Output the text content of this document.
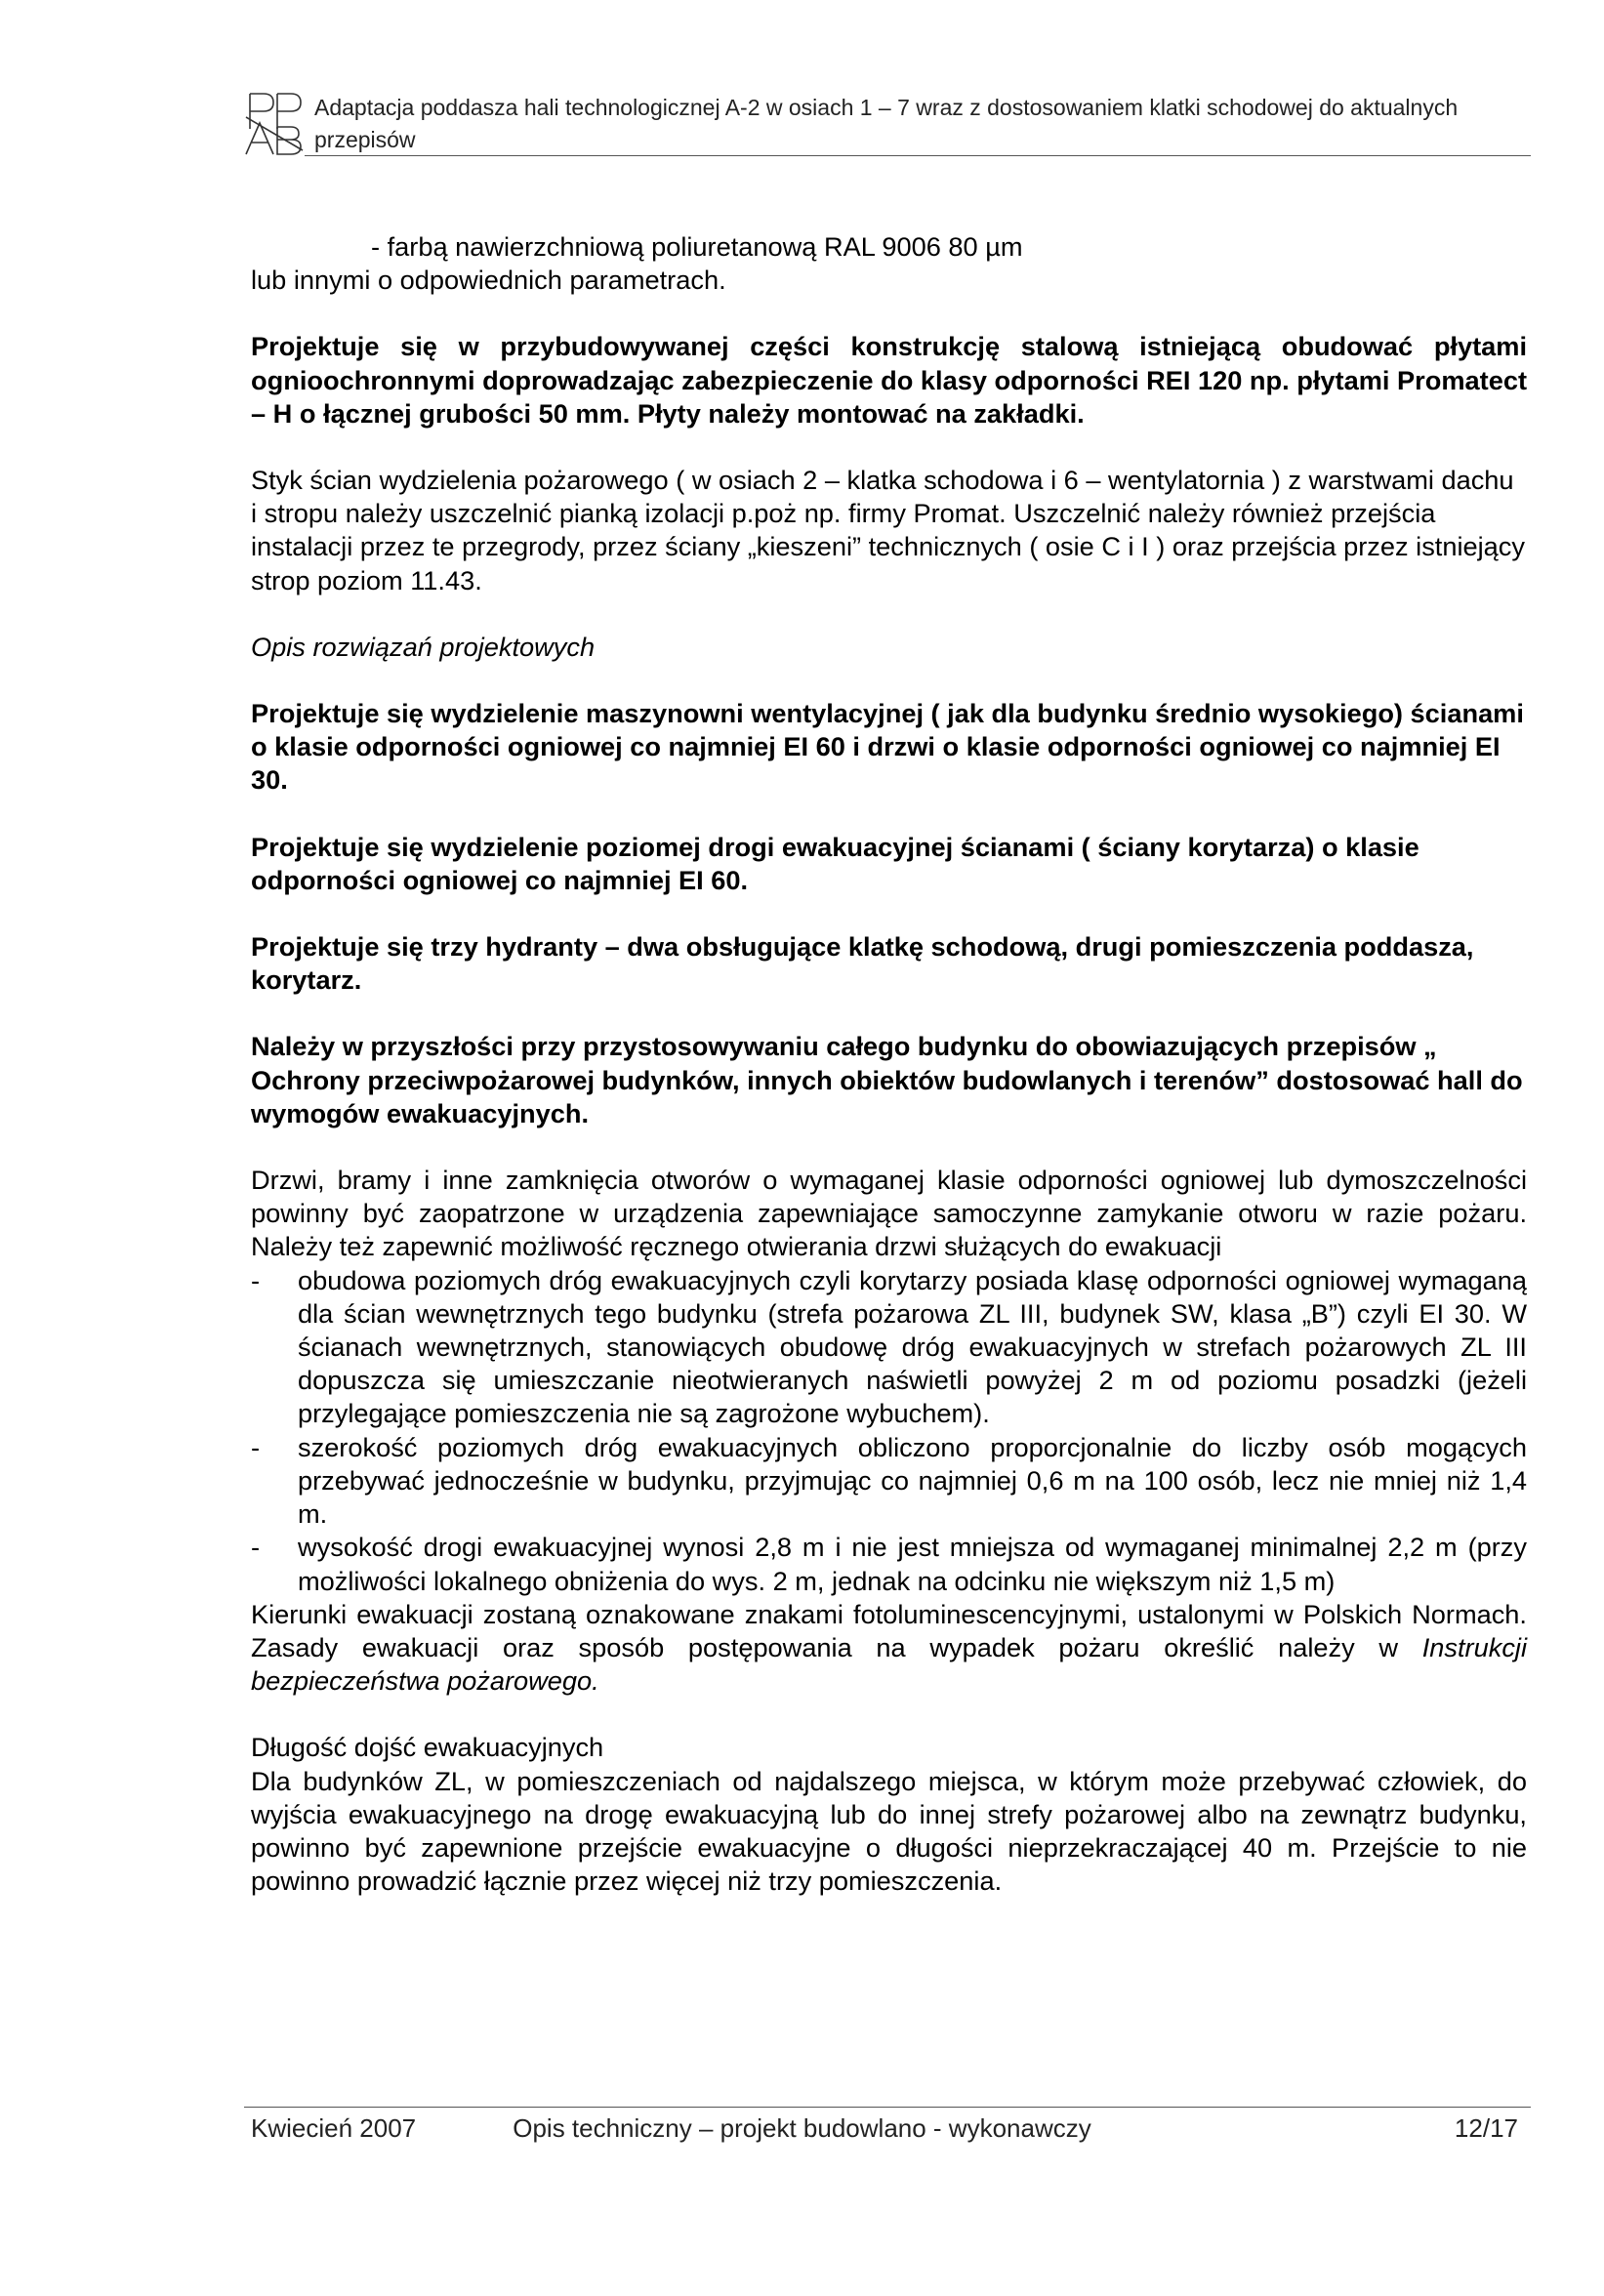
Adaptacja poddasza hali technologicznej A-2 w osiach 1 – 7 wraz z dostosowaniem klatki schodowej do aktualnych przepisów

- farbą nawierzchniową poliuretanową RAL 9006 80 µm

lub innymi o odpowiednich parametrach.

Projektuje się w przybudowywanej części konstrukcję stalową istniejącą obudować płytami ognioochronnymi doprowadzając zabezpieczenie do klasy odporności REI 120 np. płytami Promatect – H o łącznej grubości 50 mm. Płyty należy montować na zakładki.

Styk ścian wydzielenia pożarowego ( w osiach 2 – klatka schodowa i 6 – wentylatornia ) z warstwami dachu i stropu należy uszczelnić pianką izolacji p.poż np. firmy Promat. Uszczelnić należy również przejścia instalacji przez te przegrody, przez ściany „kieszeni” technicznych ( osie C i I ) oraz przejścia przez istniejący strop poziom 11.43.

Opis rozwiązań projektowych

Projektuje się wydzielenie maszynowni wentylacyjnej ( jak dla budynku średnio wysokiego) ścianami o klasie odporności ogniowej co najmniej EI 60 i drzwi o klasie odporności ogniowej co najmniej EI 30.

Projektuje się wydzielenie poziomej drogi ewakuacyjnej ścianami ( ściany korytarza) o klasie odporności ogniowej co najmniej EI 60.

Projektuje się trzy hydranty – dwa obsługujące klatkę schodową, drugi pomieszczenia poddasza, korytarz.

Należy w przyszłości przy przystosowywaniu całego budynku do obowiazujących przepisów „ Ochrony przeciwpożarowej budynków, innych obiektów budowlanych i terenów” dostosować hall do wymogów ewakuacyjnych.

Drzwi, bramy i inne zamknięcia otworów o wymaganej klasie odporności ogniowej lub dymoszczelności powinny być zaopatrzone w urządzenia zapewniające samoczynne zamykanie otworu w razie pożaru. Należy też zapewnić możliwość ręcznego otwierania drzwi służących do ewakuacji

- obudowa poziomych dróg ewakuacyjnych czyli korytarzy posiada klasę odporności ogniowej wymaganą dla ścian wewnętrznych tego budynku (strefa pożarowa ZL III, budynek SW, klasa „B”) czyli EI 30. W ścianach wewnętrznych, stanowiących obudowę dróg ewakuacyjnych w strefach pożarowych ZL III dopuszcza się umieszczanie nieotwieranych naświetli powyżej 2 m od poziomu posadzki (jeżeli przylegające pomieszczenia nie są zagrożone wybuchem).
- szerokość poziomych dróg ewakuacyjnych obliczono proporcjonalnie do liczby osób mogących przebywać jednocześnie w budynku, przyjmując co najmniej 0,6 m na 100 osób, lecz nie mniej niż 1,4 m.
- wysokość drogi ewakuacyjnej wynosi 2,8 m i nie jest mniejsza od wymaganej minimalnej 2,2 m (przy możliwości lokalnego obniżenia do wys. 2 m, jednak na odcinku nie większym niż 1,5 m)

Kierunki ewakuacji zostaną oznakowane znakami fotoluminescencyjnymi, ustalonymi w Polskich Normach. Zasady ewakuacji oraz sposób postępowania na wypadek pożaru określić należy w Instrukcji bezpieczeństwa pożarowego.

Długość dojść ewakuacyjnych

Dla budynków ZL, w pomieszczeniach od najdalszego miejsca, w którym może przebywać człowiek, do wyjścia ewakuacyjnego na drogę ewakuacyjną lub do innej strefy pożarowej albo na zewnątrz budynku, powinno być zapewnione przejście ewakuacyjne o długości nieprzekraczającej 40 m. Przejście to nie powinno prowadzić łącznie przez więcej niż trzy pomieszczenia.

Kwiecień 2007	Opis techniczny – projekt budowlano - wykonawczy	12/17
